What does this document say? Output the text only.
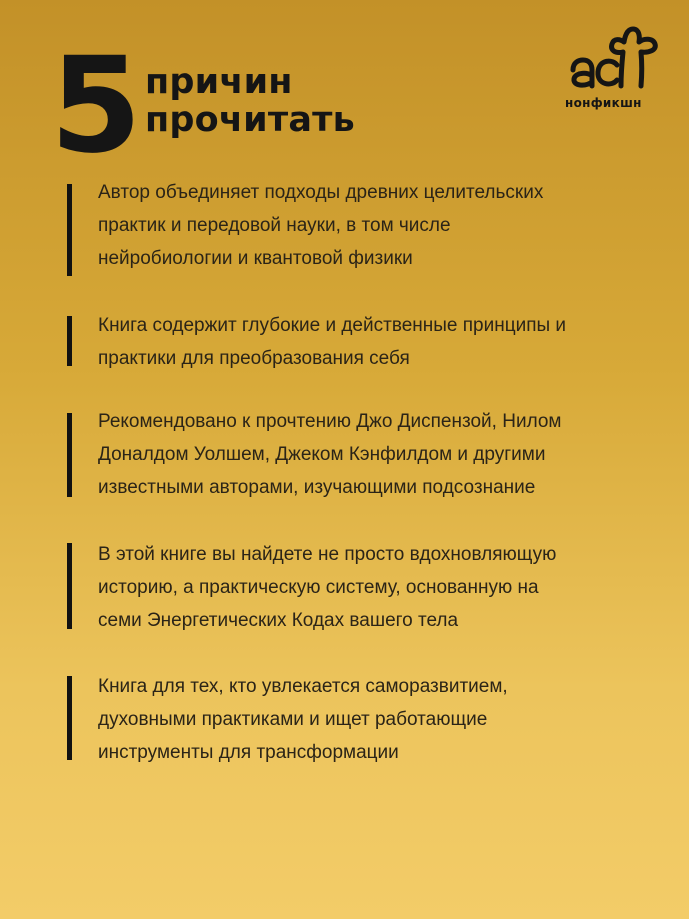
5 причин
прочитать	нонфикшн
Автор объединяет подходы древних целительских
практик и передовой науки, в том числе
нейробиологии и квантовой физики
Книга содержит глубокие и действенные принципы и
практики для преобразования себя
Рекомендовано к прочтению Джо Диспензой, Нилом
Доналдом Уолшем, Джеком Кэнфилдом и другими
известными авторами, изучающими подсознание
В этой книге вы найдете не просто вдохновляющую
историю, а практическую систему, основанную на
семи Энергетических Кодах вашего тела
Книга для тех, кто увлекается саморазвитием,
духовными практиками и ищет работающие
инструменты для трансформации
